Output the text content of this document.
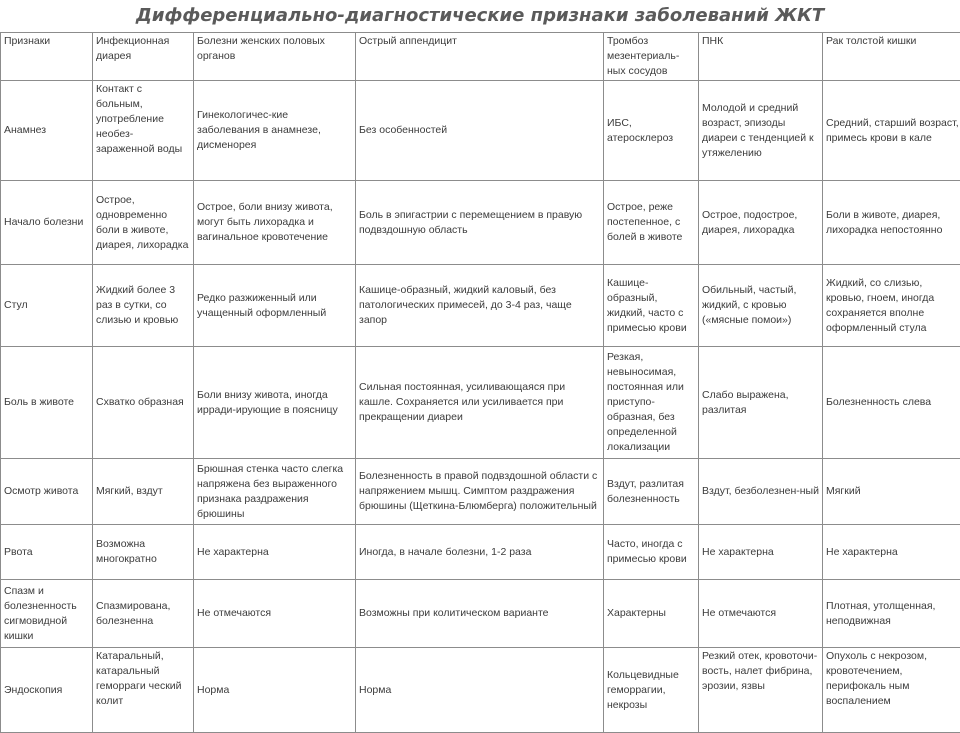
Дифференциально-диагностические признаки заболеваний ЖКТ
Признаки	Инфекционная диарея	Болезни женских половых органов	Острый аппендицит	Тромбоз мезентериаль-ных сосудов	ПНК	Рак толстой кишки
Анамнез	Контакт с больным, употребление необез-зараженной воды	Гинекологичес-кие заболевания в анамнезе, дисменорея	Без особенностей	ИБС, атеросклероз	Молодой и средний возраст, эпизоды диареи с тенденцией к утяжелению	Средний, старший возраст, примесь крови в кале
Начало болезни	Острое, одновременно боли в животе, диарея, лихорадка	Острое, боли внизу живота, могут быть лихорадка и вагинальное кровотечение	Боль в эпигастрии с перемещением в правую подвздошную область	Острое, реже постепенное, с болей в животе	Острое, подострое, диарея, лихорадка	Боли в животе, диарея, лихорадка непостоянно
Стул	Жидкий более 3 раз в сутки, со слизью и кровью	Редко разжиженный или учащенный оформленный	Кашице-образный, жидкий каловый, без патологических примесей, до 3-4 раз, чаще запор	Кашице-образный, жидкий, часто с примесью крови	Обильный, частый, жидкий, с кровью («мясные помои»)	Жидкий, со слизью, кровью, гноем, иногда сохраняется вполне оформленный стула
Боль в животе	Схватко образная	Боли внизу живота, иногда ирради-ирующие в поясницу	Сильная постоянная, усиливающаяся при кашле. Сохраняется или усиливается при прекращении диареи	Резкая, невыносимая, постоянная или приступо-образная, без определенной локализации	Слабо выражена, разлитая	Болезненность слева
Осмотр живота	Мягкий, вздут	Брюшная стенка часто слегка напряжена без выраженного признака раздражения брюшины	Болезненность в правой подвздошной области с напряжением мышц. Симптом раздражения брюшины (Щеткина-Блюмберга) положительный	Вздут, разлитая болезненность	Вздут, безболезнен-ный	Мягкий
Рвота	Возможна многократно	Не характерна	Иногда, в начале болезни, 1-2 раза	Часто, иногда с примесью крови	Не характерна	Не характерна
Спазм и болезненность сигмовидной кишки	Спазмирована, болезненна	Не отмечаются	Возможны при колитическом варианте	Характерны	Не отмечаются	Плотная, утолщенная, неподвижная
Эндоскопия	Катаральный, катаральный геморраги ческий колит	Норма	Норма	Кольцевидные геморрагии, некрозы	Резкий отек, кровоточи-вость, налет фибрина, эрозии, язвы	Опухоль с некрозом, кровотечением, перифокаль ным воспалением
